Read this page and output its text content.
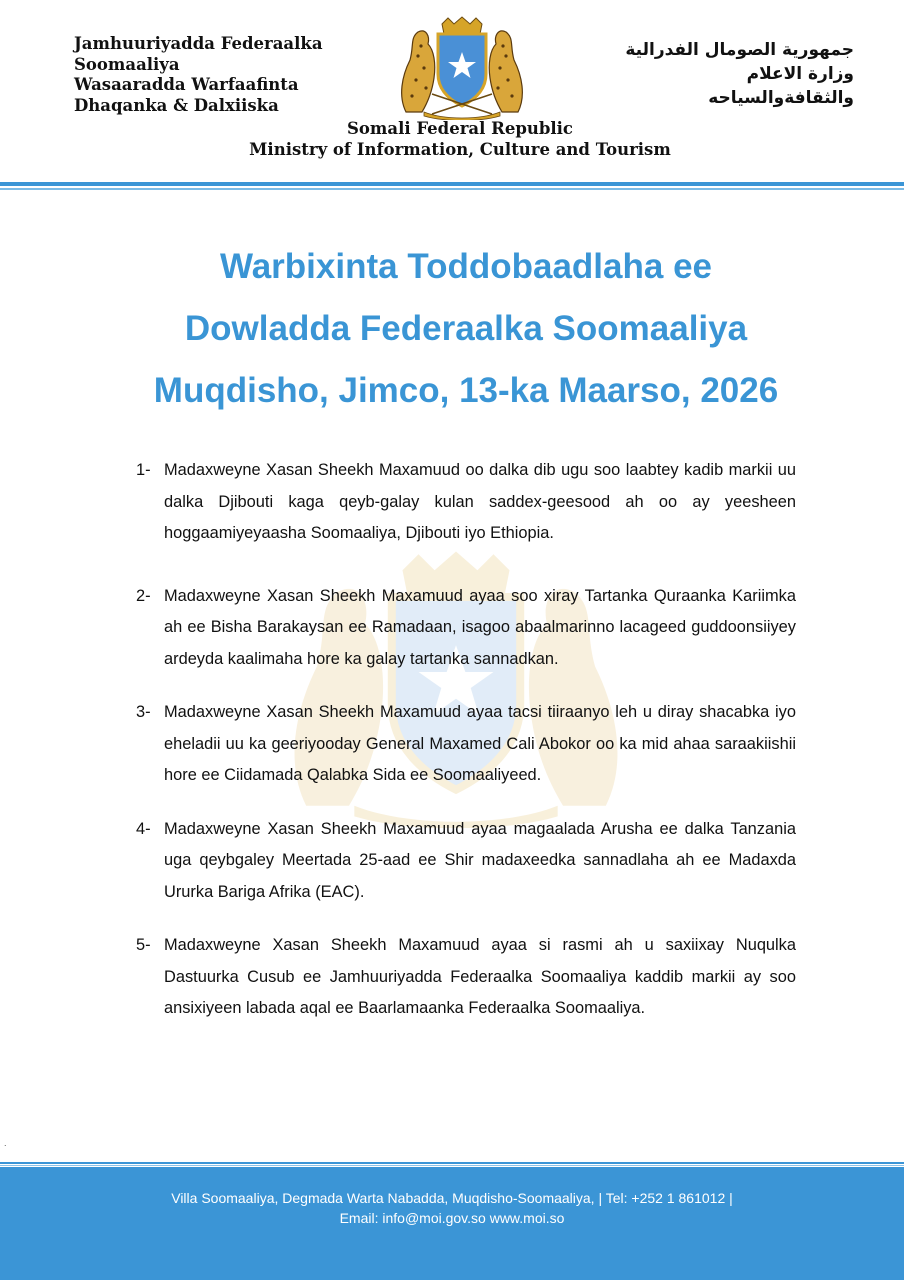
Jamhuuriyadda Federaalka
Soomaaliya
Wasaaradda Warfaafinta
Dhaqanka & Dalxiiska
جمهورية الصومال الفدرالية
وزارة الاعلام
والثقافةوالسياحه
Somali Federal Republic
Ministry of Information, Culture and Tourism
Warbixinta Toddobaadlaha ee
Dowladda Federaalka Soomaaliya
Muqdisho, Jimco, 13-ka Maarso, 2026
1- Madaxweyne Xasan Sheekh Maxamuud oo dalka dib ugu soo laabtey kadib markii uu dalka Djibouti kaga qeyb-galay kulan saddex-geesood ah oo ay yeesheen hoggaamiyeyaasha Soomaaliya, Djibouti iyo Ethiopia.
2- Madaxweyne Xasan Sheekh Maxamuud ayaa soo xiray Tartanka Quraanka Kariimka ah ee Bisha Barakaysan ee Ramadaan, isagoo abaalmarinno lacageed guddoonsiiyey ardeyda kaalimaha hore ka galay tartanka sannadkan.
3- Madaxweyne Xasan Sheekh Maxamuud ayaa tacsi tiiraanyo leh u diray shacabka iyo eheladii uu ka geeriyooday General Maxamed Cali Abokor oo ka mid ahaa saraakiishii hore ee Ciidamada Qalabka Sida ee Soomaaliyeed.
4- Madaxweyne Xasan Sheekh Maxamuud ayaa magaalada Arusha ee dalka Tanzania uga qeybgaley Meertada 25-aad ee Shir madaxeedka sannadlaha ah ee Madaxda Ururka Bariga Afrika (EAC).
5- Madaxweyne Xasan Sheekh Maxamuud ayaa si rasmi ah u saxiixay Nuqulka Dastuurka Cusub ee Jamhuuriyadda Federaalka Soomaaliya kaddib markii ay soo ansixiyeen labada aqal ee Baarlamaanka Federaalka Soomaaliya.
.
Villa Soomaaliya, Degmada Warta Nabadda, Muqdisho-Soomaaliya, | Tel: +252 1 861012 |
Email: info@moi.gov.so www.moi.so
